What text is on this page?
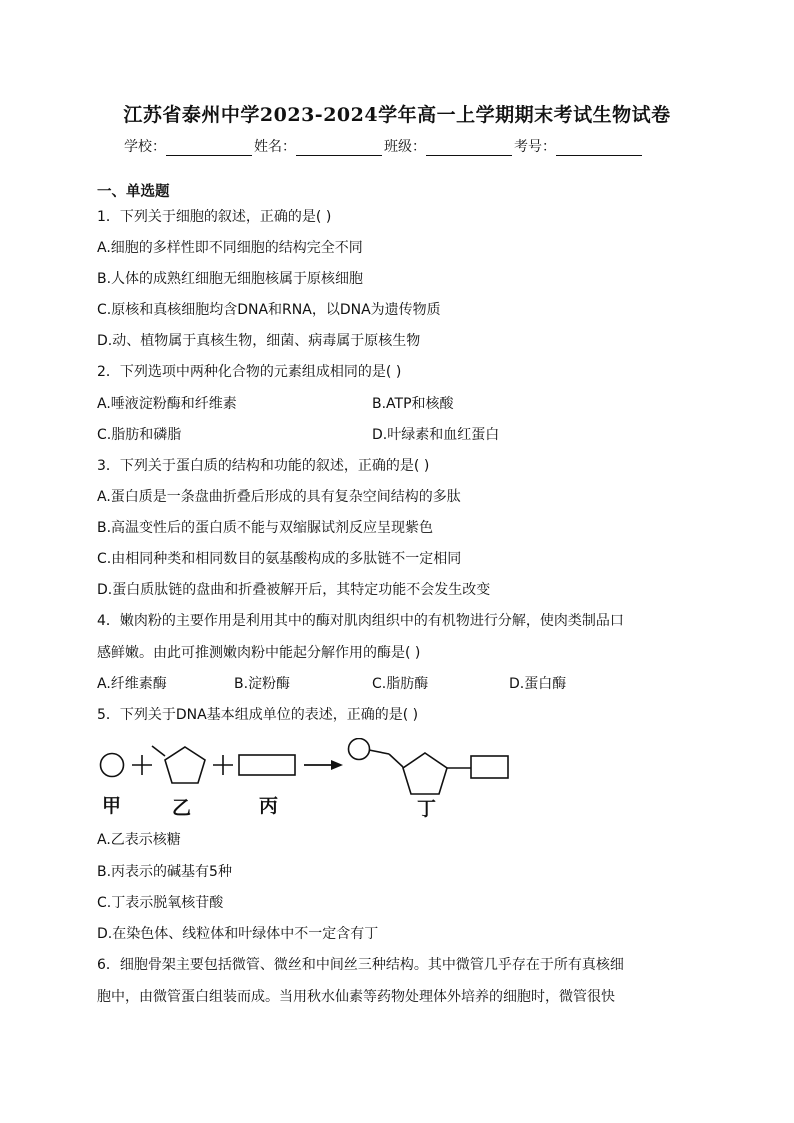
江苏省泰州中学2023-2024学年高一上学期期末考试生物试卷
学校：	姓名：	班级：	考号：
一、单选题
1．下列关于细胞的叙述，正确的是( )
A.细胞的多样性即不同细胞的结构完全不同
B.人体的成熟红细胞无细胞核属于原核细胞
C.原核和真核细胞均含DNA和RNA，以DNA为遗传物质
D.动、植物属于真核生物，细菌、病毒属于原核生物
2．下列选项中两种化合物的元素组成相同的是( )
A.唾液淀粉酶和纤维素	B.ATP和核酸
C.脂肪和磷脂	D.叶绿素和血红蛋白
3．下列关于蛋白质的结构和功能的叙述，正确的是( )
A.蛋白质是一条盘曲折叠后形成的具有复杂空间结构的多肽
B.高温变性后的蛋白质不能与双缩脲试剂反应呈现紫色
C.由相同种类和相同数目的氨基酸构成的多肽链不一定相同
D.蛋白质肽链的盘曲和折叠被解开后，其特定功能不会发生改变
4．嫩肉粉的主要作用是利用其中的酶对肌肉组织中的有机物进行分解，使肉类制品口
感鲜嫩。由此可推测嫩肉粉中能起分解作用的酶是( )
A.纤维素酶	B.淀粉酶	C.脂肪酶	D.蛋白酶
5．下列关于DNA基本组成单位的表述，正确的是( )
甲	乙	丙	丁
A.乙表示核糖
B.丙表示的碱基有5种
C.丁表示脱氧核苷酸
D.在染色体、线粒体和叶绿体中不一定含有丁
6．细胞骨架主要包括微管、微丝和中间丝三种结构。其中微管几乎存在于所有真核细
胞中，由微管蛋白组装而成。当用秋水仙素等药物处理体外培养的细胞时，微管很快
